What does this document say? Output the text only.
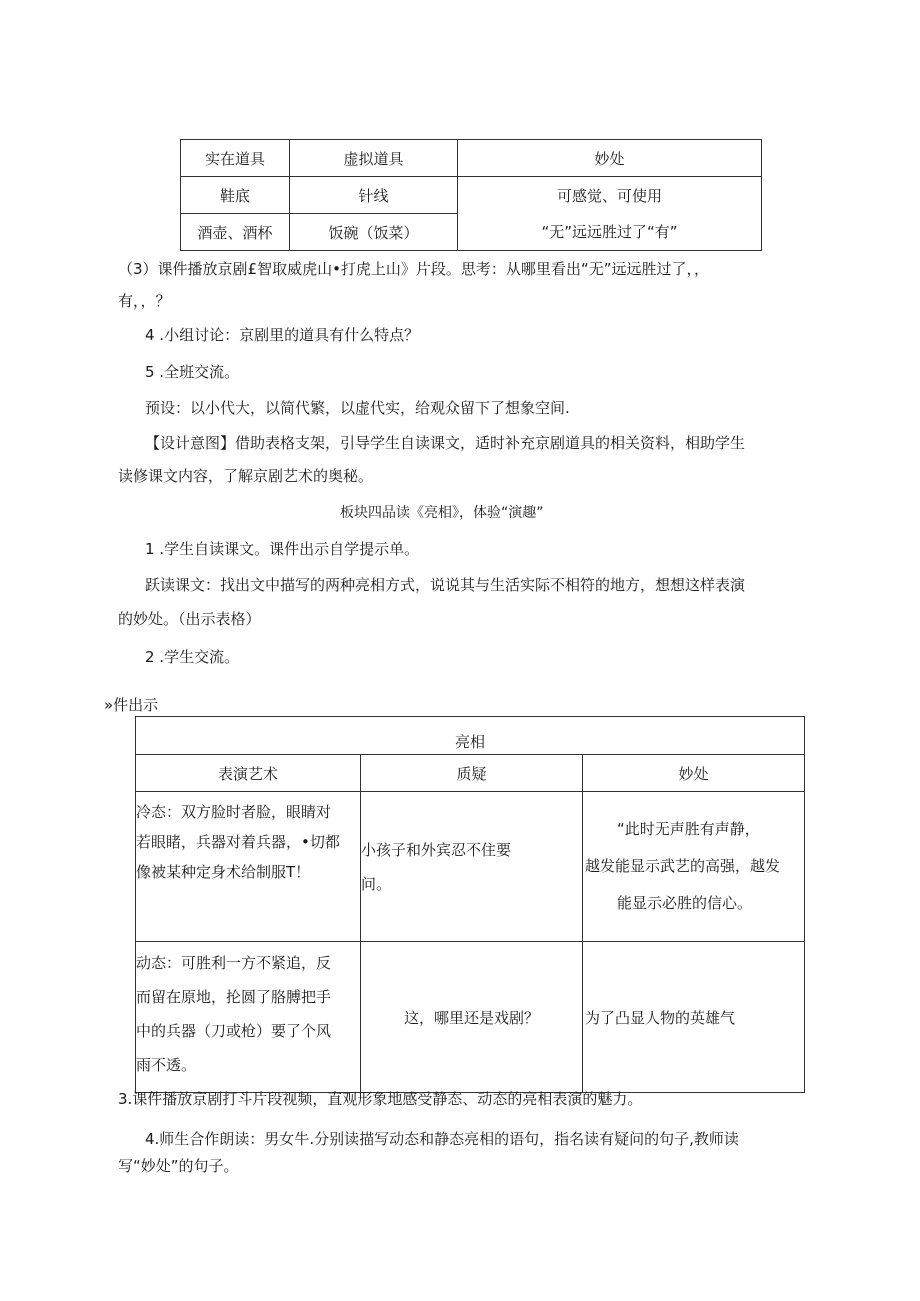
实在道具	虚拟道具	妙处
鞋底	针线	可感觉、可使用
酒壶、酒杯	饭碗（饭菜）	“无”远远胜过了“有”
（3）课件播放京剧£智取威虎山•打虎上山》片段。思考：从哪里看出“无”远远胜过了，，
有，，？
4 .小组讨论：京剧里的道具有什么特点？
5 .全班交流。
预设：以小代大，以简代繁，以虚代实，给观众留下了想象空间.
【设计意图】借助表格支架，引导学生自读课文，适时补充京剧道具的相关资料，相助学生
读修课文内容，了解京剧艺术的奥秘。
板块四品读《亮相》，体验“演趣”
1 .学生自读课文。课件出示自学提示单。
跃读课文：找出文中描写的两种亮相方式，说说其与生活实际不相符的地方，想想这样表演
的妙处。（出示表格）
2 .学生交流。
»件出示
亮相		
表演艺术	质疑	妙处

冷态：双方脸时者脸，眼睛对
若眼睹，兵器对着兵器，•切都
像被某种定身术给制服T！	小孩子和外宾忍不住要
问。	“此时无声胜有声静，
越发能显示武艺的高强，越发
能显示必胜的信心。

动态：可胜利一方不紧追，反
而留在原地，抡圆了胳膊把手
中的兵器（刀或枪）要了个风
雨不透。	这，哪里还是戏剧？	为了凸显人物的英雄气
3.课件播放京剧打斗片段视频，直观形象地感受静态、动态的亮相表演的魅力。
4.师生合作朗读：男女牛.分别读描写动态和静态亮相的语句，指名读有疑问的句子,教师读
写“妙处”的句子。
